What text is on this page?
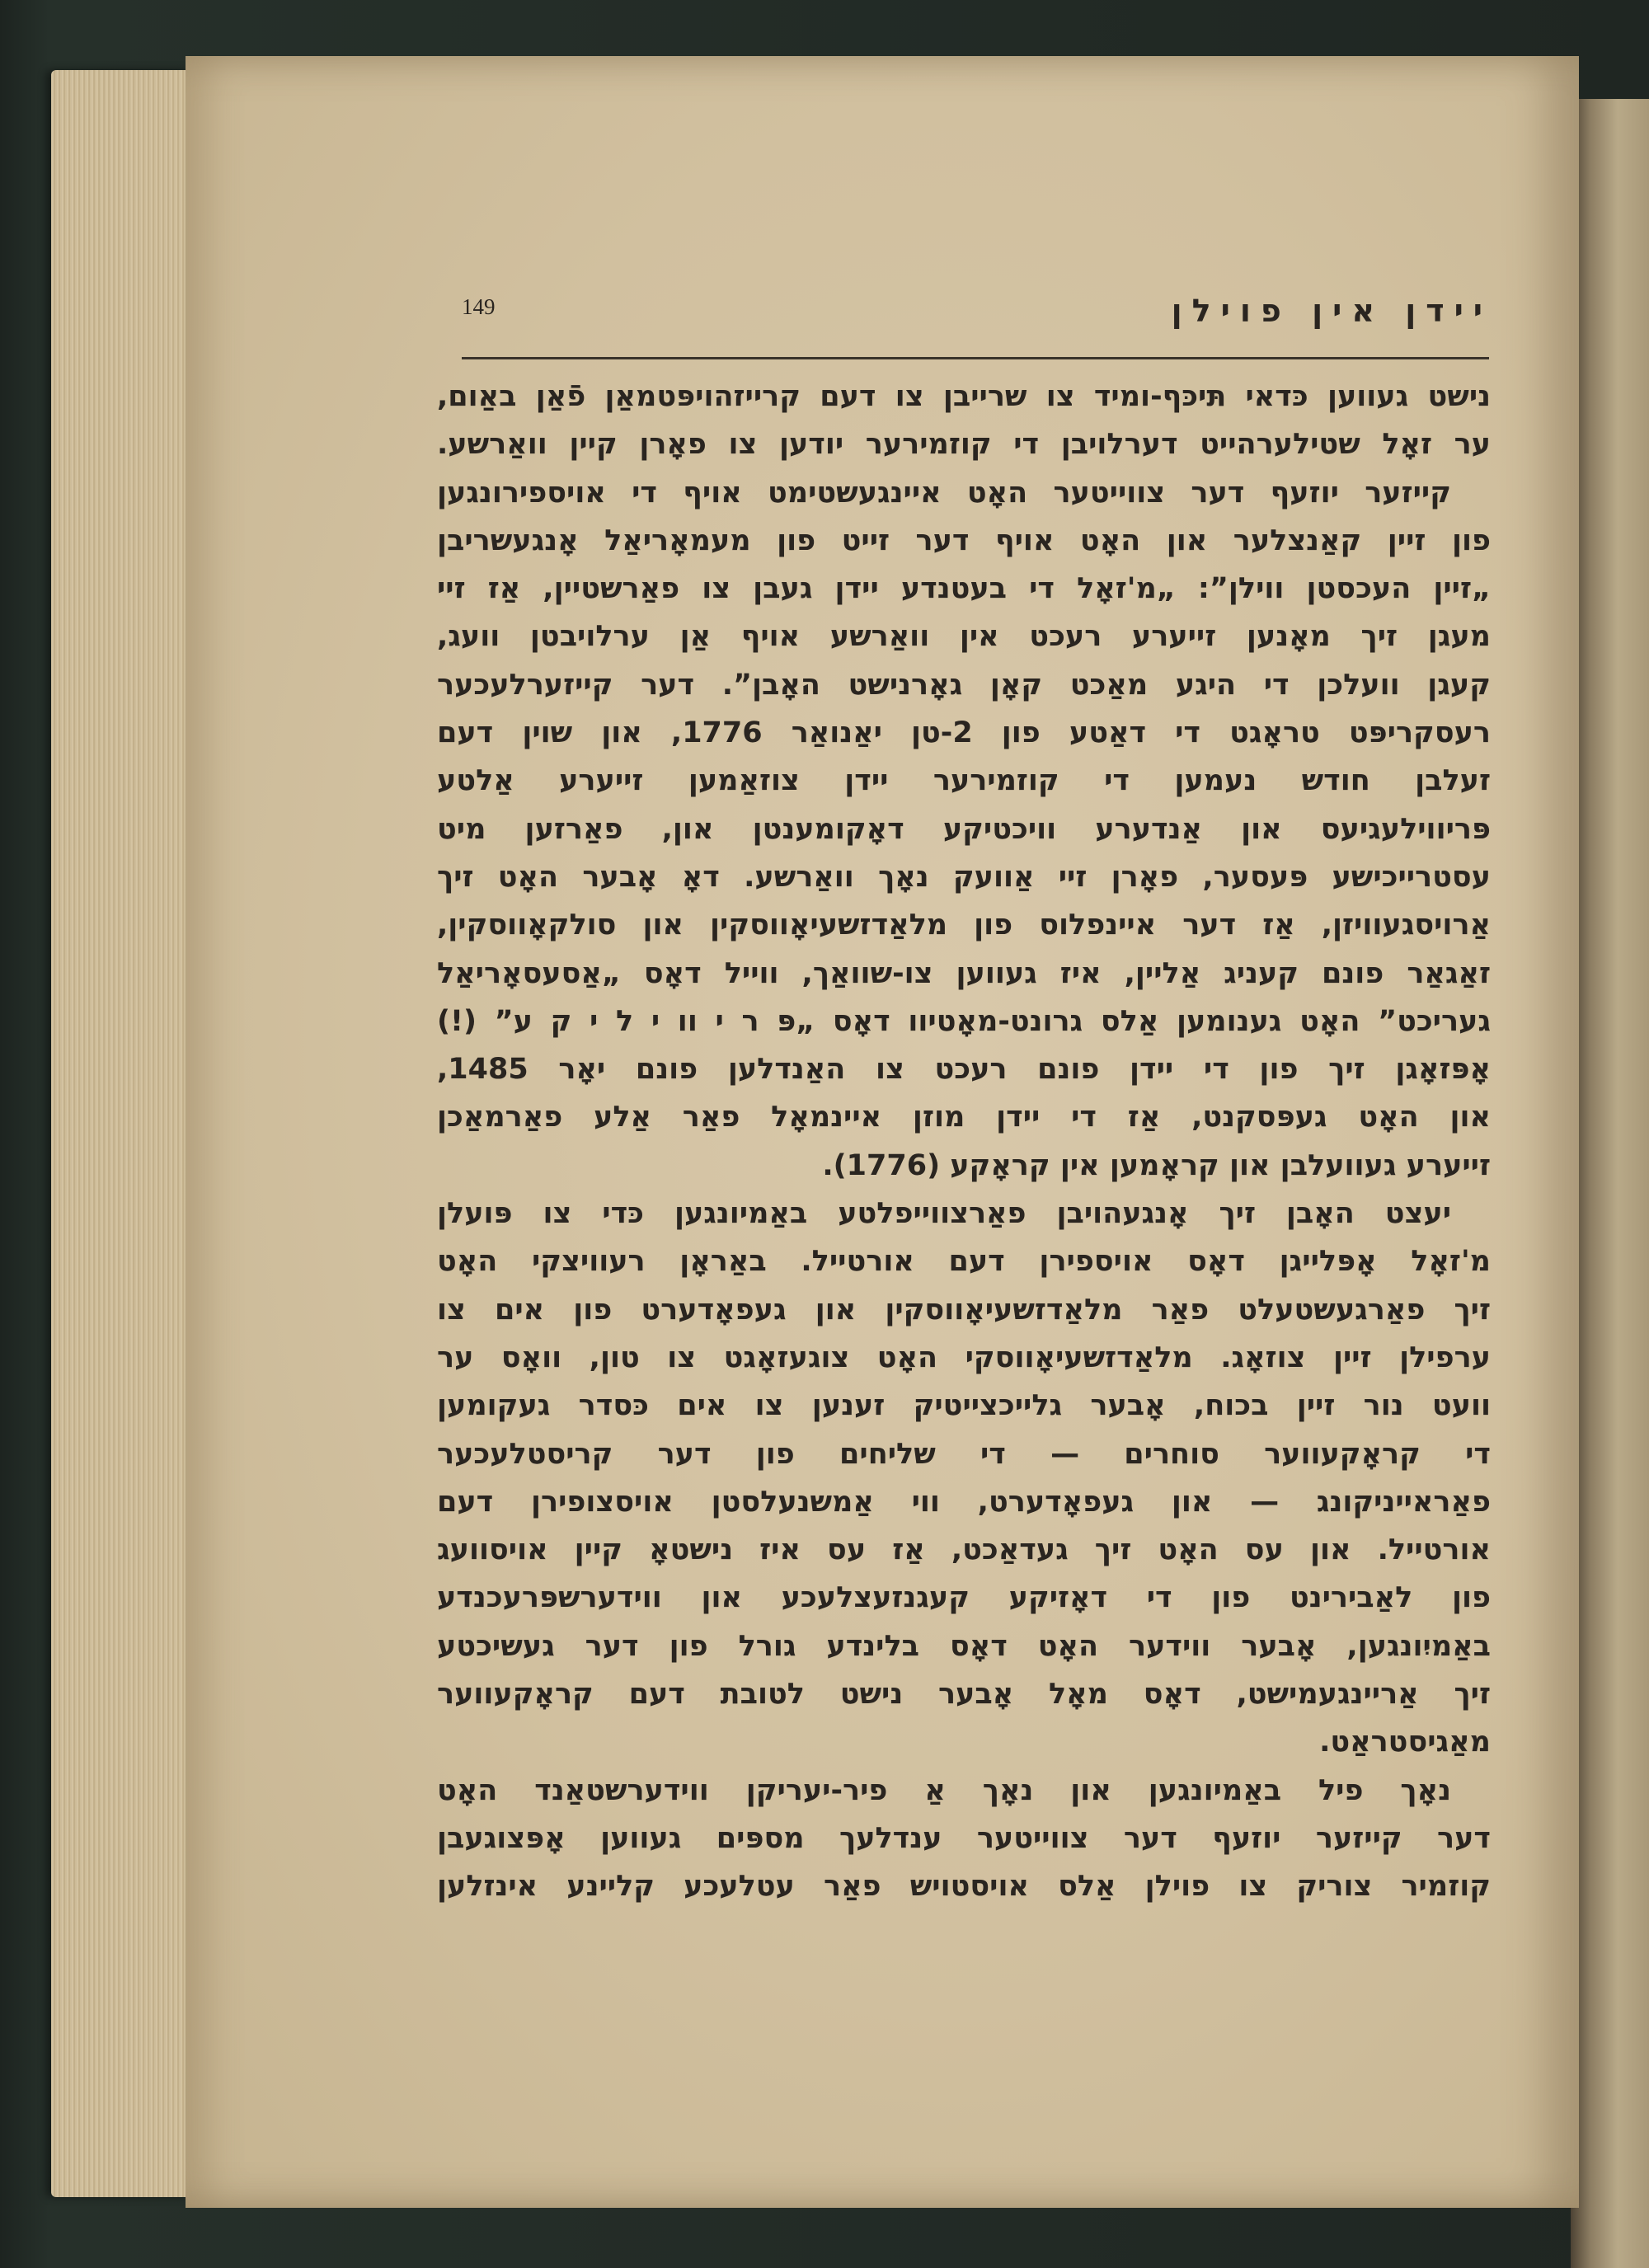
149	יידן אין פוילן
נישט געווען כּדאי תּיכּף-ומיד צו שרייבן צו דעם קרייזהויפּטמאַן פֿאַן באַום,
ער זאָל שטילערהייט דערלויבן די קוזמירער יודען צו פאָרן קיין וואַרשע.
קייזער יוזעף דער צווייטער האָט איינגעשטימט אויף די אויספירונגען
פון זיין קאַנצלער און האָט אויף דער זייט פון מעמאָריאַל אָנגעשריבן
„זיין העכסטן ווילן”: „מ'זאָל די בעטנדע יידן געבן צו פאַרשטיין, אַז זיי
מעגן זיך מאָנען זייערע רעכט אין וואַרשע אויף אַן ערלויבטן וועג,
קעגן וועלכן די היגע מאַכט קאָן גאָרנישט האָבן”. דער קייזערלעכער
רעסקריפּט טראָגט די דאַטע פון 2-טן יאַנואַר 1776, און שוין דעם
זעלבן חודש נעמען די קוזמירער יידן צוזאַמען זייערע אַלטע
פּריווילעגיעס און אַנדערע וויכטיקע דאָקומענטן און, פאַרזען מיט
עסטרייכישע פּעסער, פאָרן זיי אַוועק נאָך וואַרשע. דאָ אָבער האָט זיך
אַרויסגעוויזן, אַז דער איינפלוס פון מלאַדזשעיאָווסקין און סולקאָווסקין,
זאַגאַר פונם קעניג אַליין, איז געווען צו-שוואַך, ווייל דאָס „אַסעסאָריאַל
געריכט” האָט גענומען אַלס גרונט-מאָטיוו דאָס „פּ ר י וו י ל י ק ע” (!)
אָפּזאָגן זיך פון די יידן פונם רעכט צו האַנדלען פונם יאָר 1485,
און האָט געפּסקנט, אַז די יידן מוזן איינמאָל פאַר אַלע פאַרמאַכן
זייערע געוועלבן און קראָמען אין קראָקע (1776).
יעצט האָבן זיך אָנגעהויבן פאַרצווייפלטע באַמיונגען כּדי צו פּועלן
מ'זאָל אָפּלייגן דאָס אויספירן דעם אורטייל. באַראָן רעוויצקי האָט
זיך פאַרגעשטעלט פאַר מלאַדזשעיאָווסקין און געפאָדערט פון אים צו
ערפילן זיין צוזאָג. מלאַדזשעיאָווסקי האָט צוגעזאָגט צו טון, וואָס ער
וועט נור זיין בכוח, אָבער גלייכצייטיק זענען צו אים כּסדר געקומען
די קראָקעווער סוחרים — די שליחים פון דער קריסטלעכער
פאַראייניקונג — און געפאָדערט, ווי אַמשנעלסטן אויסצופירן דעם
אורטייל. און עס האָט זיך געדאַכט, אַז עס איז נישטאָ קיין אויסוועג
פון לאַבירינט פון די דאָזיקע קעגנזעצלעכע און ווידערשפּרעכנדע
באַמיִונגען, אָבער ווידער האָט דאָס בלינדע גורל פון דער געשיכטע
זיך אַריינגעמישט, דאָס מאָל אָבער נישט לטובת דעם קראָקעווער
מאַגיסטראַט.
נאָך פיל באַמיונגען און נאָך אַ פיר-יעריקן ווידערשטאַנד האָט
דער קייזער יוזעף דער צווייטער ענדלעך מספּים געווען אָפּצוגעבן
קוזמיר צוריק צו פוילן אַלס אויסטויש פאַר עטלעכע קליינע אינזלען
